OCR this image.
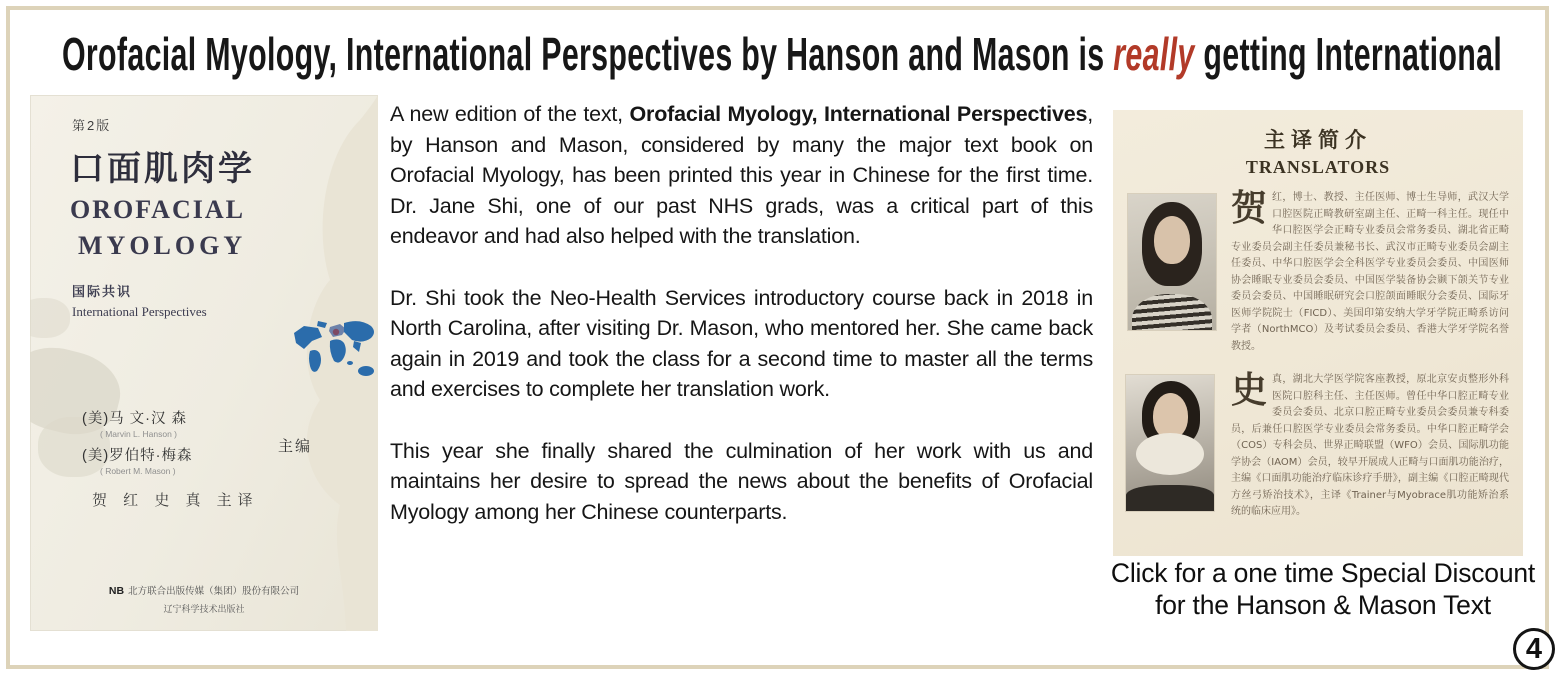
Orofacial Myology, International Perspectives by Hanson and Mason is really getting International
第2版
口面肌肉学
OROFACIAL
MYOLOGY
国际共识
International Perspectives
(美)马 文·汉 森
( Marvin L. Hanson )
(美)罗伯特·梅森
( Robert M. Mason )
主编
贺 红 史 真 主译
NB 北方联合出版传媒（集团）股份有限公司
辽宁科学技术出版社

A new edition of the text, Orofacial Myology, International Perspectives, by Hanson and Mason, considered by many the major text book on Orofacial Myology, has been printed this year in Chinese for the first time. Dr. Jane Shi, one of our past NHS grads, was a critical part of this endeavor and had also helped with the translation.

Dr. Shi took the Neo-Health Services introductory course back in 2018 in North Carolina, after visiting Dr. Mason, who mentored her. She came back again in 2019 and took the class for a second time to master all the terms and exercises to complete her translation work.

This year she finally shared the culmination of her work with us and maintains her desire to spread the news about the benefits of Orofacial Myology among her Chinese counterparts.

主译简介
TRANSLATORS
贺红，博士、教授、主任医师、博士生导师，武汉大学口腔医院正畸教研室副主任、正畸一科主任。现任中华口腔医学会正畸专业委员会常务委员、湖北省正畸专业委员会副主任委员兼秘书长、武汉市正畸专业委员会副主任委员、中华口腔医学会全科医学专业委员会委员、中国医师协会睡眠专业委员会委员、中国医学装备协会颞下颌关节专业委员会委员、中国睡眠研究会口腔颌面睡眠分会委员、国际牙医师学院院士（FICD）、美国印第安纳大学牙学院正畸系访问学者（NorthMCO）及考试委员会委员、香港大学牙学院名誉教授。
史真，湖北大学医学院客座教授，原北京安贞整形外科医院口腔科主任、主任医师。曾任中华口腔正畸专业委员会委员、北京口腔正畸专业委员会委员兼专科委员，后兼任口腔医学专业委员会常务委员。中华口腔正畸学会（COS）专科会员、世界正畸联盟（WFO）会员、国际肌功能学协会（IAOM）会员，较早开展成人正畸与口面肌功能治疗，主编《口面肌功能治疗临床诊疗手册》，副主编《口腔正畸现代方丝弓矫治技术》，主译《Trainer与Myobrace肌功能矫治系统的临床应用》。
Click for a one time Special Discount
for the Hanson & Mason Text
4
